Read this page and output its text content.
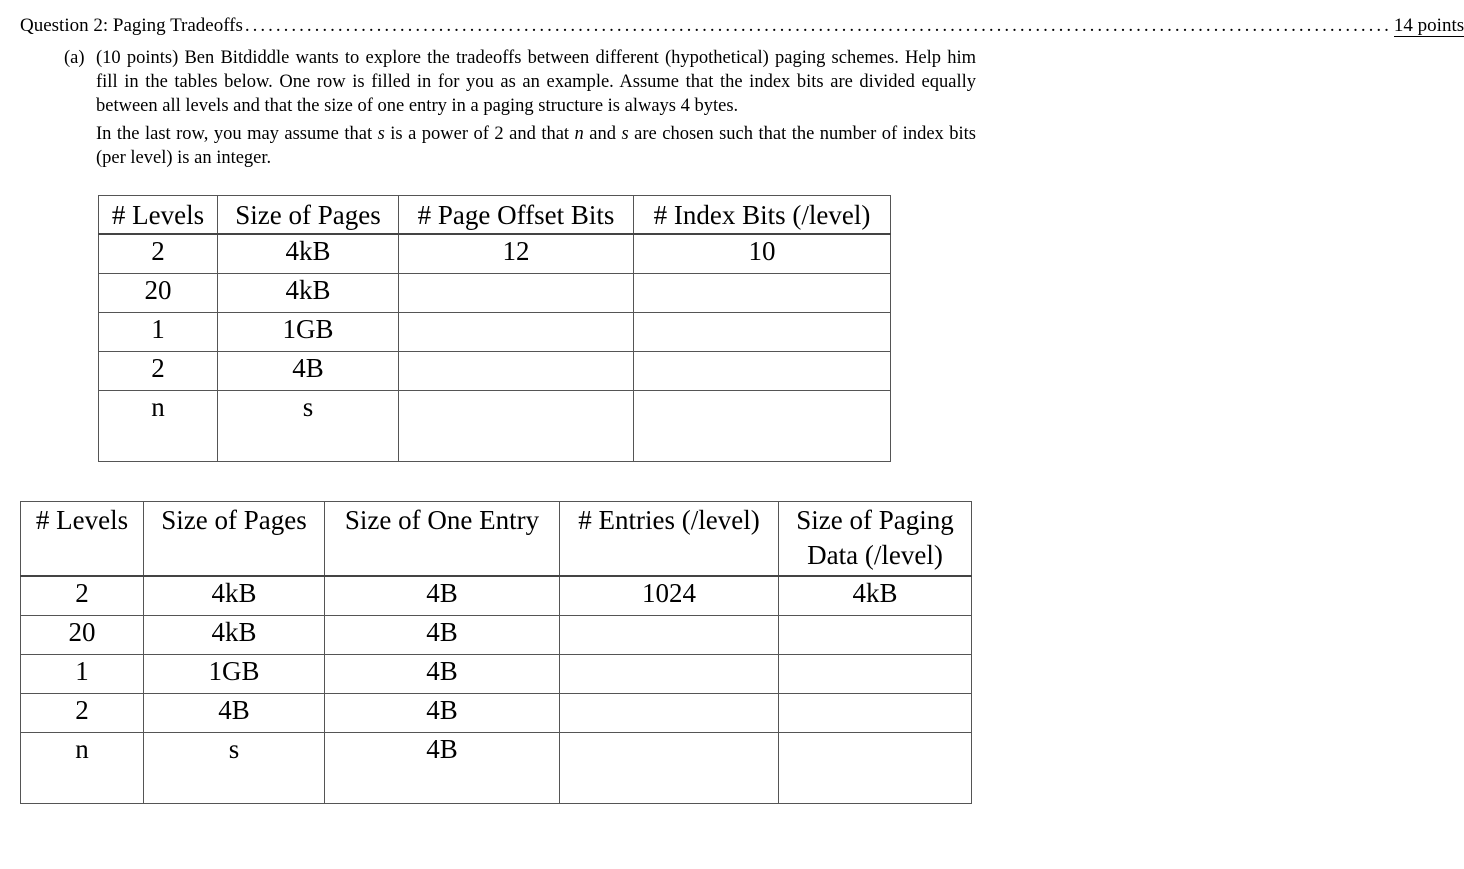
Question 2: Paging Tradeoffs .................................................................................................................................................... 14 points
(a) (10 points) Ben Bitdiddle wants to explore the tradeoffs between different (hypothetical) paging schemes. Help him fill in the tables below. One row is filled in for you as an example. Assume that the index bits are divided equally between all levels and that the size of one entry in a paging structure is always 4 bytes.

In the last row, you may assume that s is a power of 2 and that n and s are chosen such that the number of index bits (per level) is an integer.

# Levels	Size of Pages	# Page Offset Bits	# Index Bits (/level)
2	4kB	12	10
20	4kB		
1	1GB		
2	4B		
n	s		
# Levels	Size of Pages	Size of One Entry	# Entries (/level)	Size of Paging Data (/level)
2	4kB	4B	1024	4kB
20	4kB	4B		
1	1GB	4B		
2	4B	4B		
n	s	4B		
